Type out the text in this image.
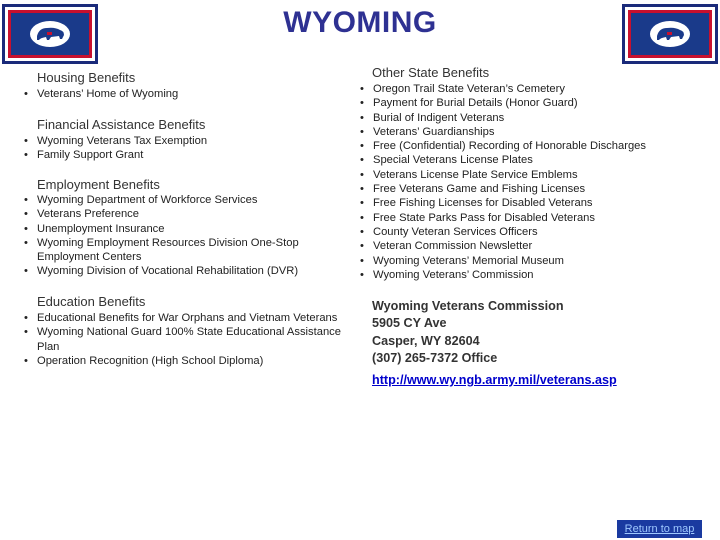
WYOMING
Housing Benefits
• Veterans’ Home of Wyoming
Financial Assistance Benefits
• Wyoming Veterans Tax Exemption
• Family Support Grant
Employment Benefits
• Wyoming Department of Workforce Services
• Veterans Preference
• Unemployment Insurance
• Wyoming Employment Resources Division One-Stop Employment Centers
• Wyoming Division of Vocational Rehabilitation (DVR)
Education Benefits
• Educational Benefits for War Orphans and Vietnam Veterans
• Wyoming National Guard 100% State Educational Assistance Plan
• Operation Recognition (High School Diploma)
Other State Benefits
• Oregon Trail State Veteran’s Cemetery
• Payment for Burial Details (Honor Guard)
• Burial of Indigent Veterans
• Veterans’ Guardianships
• Free (Confidential) Recording of Honorable Discharges
• Special Veterans License Plates
• Veterans License Plate Service Emblems
• Free Veterans Game and Fishing Licenses
• Free Fishing Licenses for Disabled Veterans
• Free State Parks Pass for Disabled Veterans
• County Veteran Services Officers
• Veteran Commission Newsletter
• Wyoming Veterans’ Memorial Museum
• Wyoming Veterans’ Commission
Wyoming Veterans Commission
5905 CY Ave
Casper, WY 82604
(307) 265-7372 Office
http://www.wy.ngb.army.mil/veterans.asp
Return to map
